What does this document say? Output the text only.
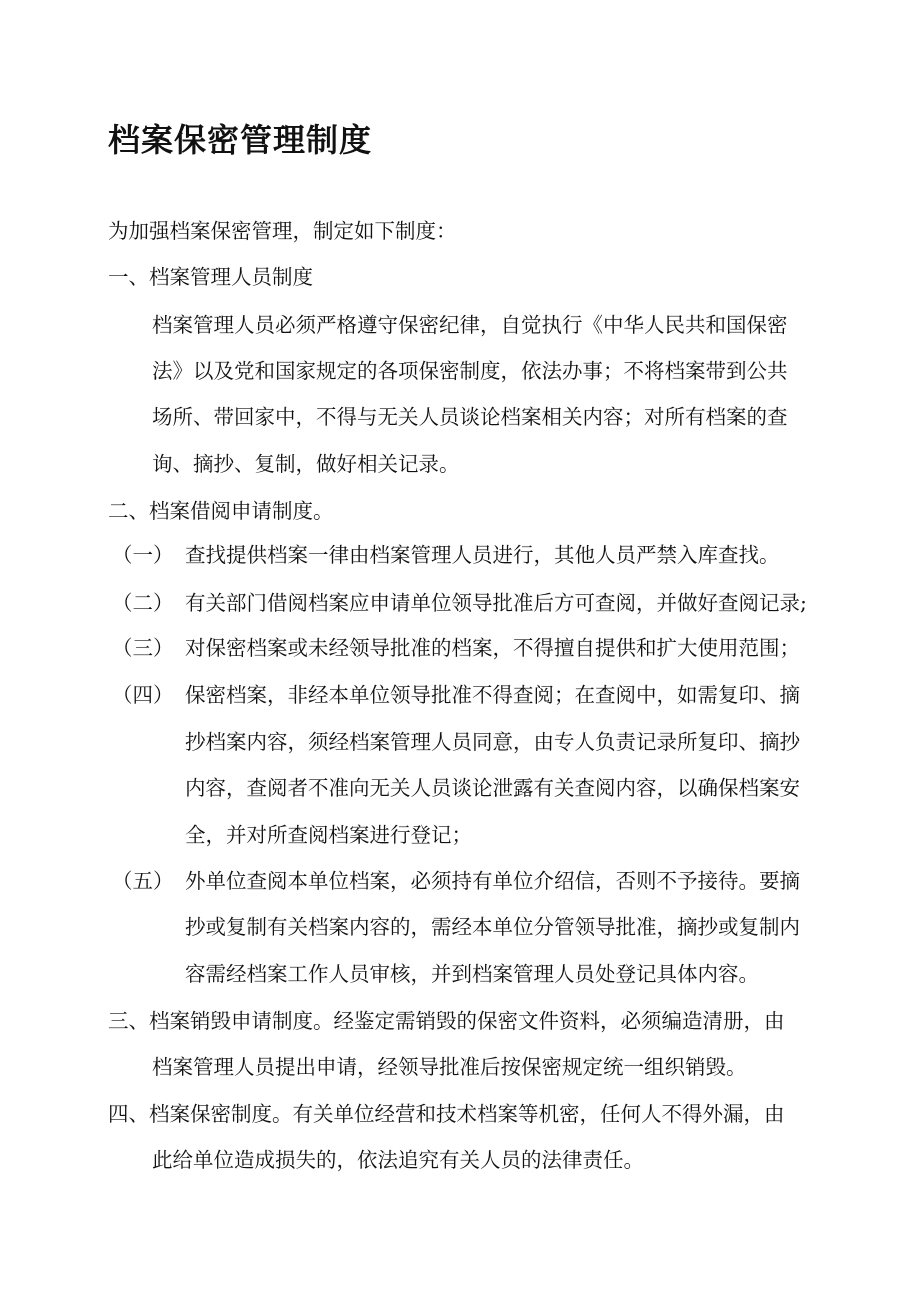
档案保密管理制度
为加强档案保密管理，制定如下制度：
一、档案管理人员制度
档案管理人员必须严格遵守保密纪律，自觉执行《中华人民共和国保密
法》以及党和国家规定的各项保密制度，依法办事；不将档案带到公共
场所、带回家中，不得与无关人员谈论档案相关内容；对所有档案的查
询、摘抄、复制，做好相关记录。
二、档案借阅申请制度。
（一） 查找提供档案一律由档案管理人员进行，其他人员严禁入库查找。
（二） 有关部门借阅档案应申请单位领导批准后方可查阅，并做好查阅记录;
（三） 对保密档案或未经领导批准的档案，不得擅自提供和扩大使用范围；
（四） 保密档案，非经本单位领导批准不得查阅；在查阅中，如需复印、摘
抄档案内容，须经档案管理人员同意，由专人负责记录所复印、摘抄
内容，查阅者不准向无关人员谈论泄露有关查阅内容，以确保档案安
全，并对所查阅档案进行登记；
（五） 外单位查阅本单位档案，必须持有单位介绍信，否则不予接待。要摘
抄或复制有关档案内容的，需经本单位分管领导批准，摘抄或复制内
容需经档案工作人员审核，并到档案管理人员处登记具体内容。
三、档案销毁申请制度。经鉴定需销毁的保密文件资料，必须编造清册，由
档案管理人员提出申请，经领导批准后按保密规定统一组织销毁。
四、档案保密制度。有关单位经营和技术档案等机密，任何人不得外漏，由
此给单位造成损失的，依法追究有关人员的法律责任。
